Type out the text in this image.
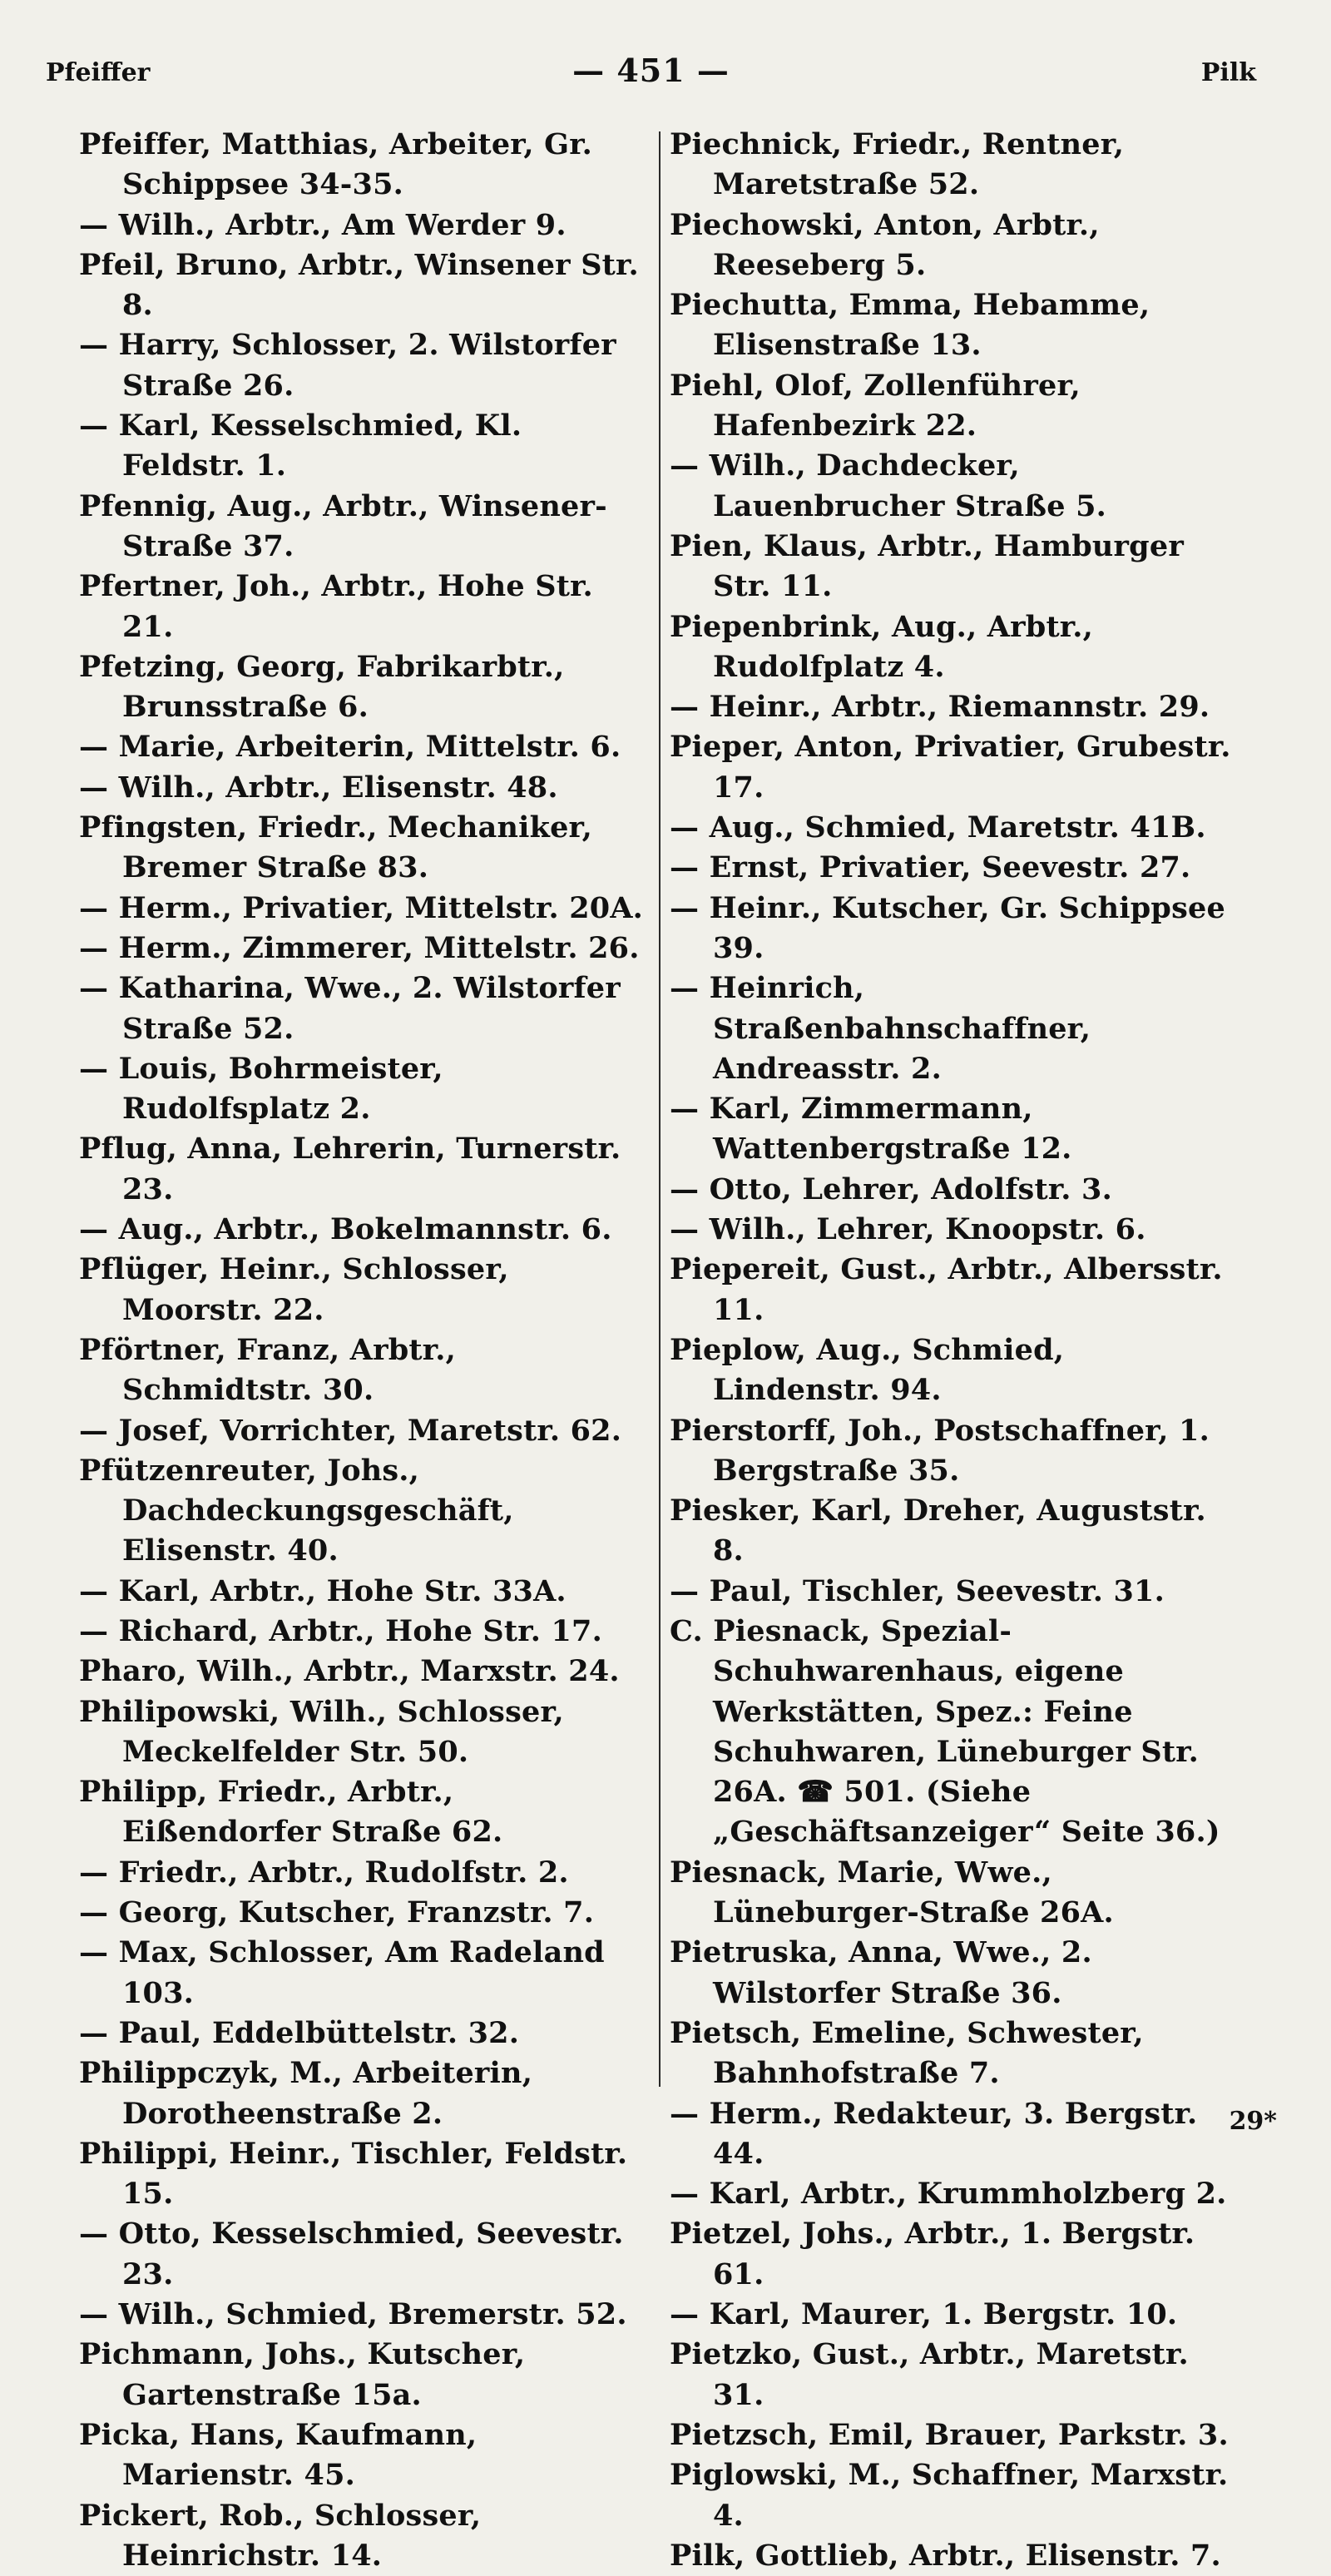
Pfeiffer	— 451 —	Pilk

Pfeiffer, Matthias, Arbeiter, Gr. Schippsee 34-35.

— Wilh., Arbtr., Am Werder 9.

Pfeil, Bruno, Arbtr., Winsener Str. 8.

— Harry, Schlosser, 2. Wilstorfer Straße 26.

— Karl, Kesselschmied, Kl. Feldstr. 1.

Pfennig, Aug., Arbtr., Winsener-Straße 37.

Pfertner, Joh., Arbtr., Hohe Str. 21.

Pfetzing, Georg, Fabrikarbtr., Brunsstraße 6.

— Marie, Arbeiterin, Mittelstr. 6.

— Wilh., Arbtr., Elisenstr. 48.

Pfingsten, Friedr., Mechaniker, Bremer Straße 83.

— Herm., Privatier, Mittelstr. 20A.

— Herm., Zimmerer, Mittelstr. 26.

— Katharina, Wwe., 2. Wilstorfer Straße 52.

— Louis, Bohrmeister, Rudolfsplatz 2.

Pflug, Anna, Lehrerin, Turnerstr. 23.

— Aug., Arbtr., Bokelmannstr. 6.

Pflüger, Heinr., Schlosser, Moorstr. 22.

Pförtner, Franz, Arbtr., Schmidtstr. 30.

— Josef, Vorrichter, Maretstr. 62.

Pfützenreuter, Johs., Dachdeckungsgeschäft, Elisenstr. 40.

— Karl, Arbtr., Hohe Str. 33A.

— Richard, Arbtr., Hohe Str. 17.

Pharo, Wilh., Arbtr., Marxstr. 24.

Philipowski, Wilh., Schlosser, Meckelfelder Str. 50.

Philipp, Friedr., Arbtr., Eißendorfer Straße 62.

— Friedr., Arbtr., Rudolfstr. 2.

— Georg, Kutscher, Franzstr. 7.

— Max, Schlosser, Am Radeland 103.

— Paul, Eddelbüttelstr. 32.

Philippczyk, M., Arbeiterin, Dorotheenstraße 2.

Philippi, Heinr., Tischler, Feldstr. 15.

— Otto, Kesselschmied, Seevestr. 23.

— Wilh., Schmied, Bremerstr. 52.

Pichmann, Johs., Kutscher, Gartenstraße 15a.

Picka, Hans, Kaufmann, Marienstr. 45.

Pickert, Rob., Schlosser, Heinrichstr. 14.

Piechnick, Friedr., Rentner, Maretstraße 52.

Piechowski, Anton, Arbtr., Reeseberg 5.

Piechutta, Emma, Hebamme, Elisenstraße 13.

Piehl, Olof, Zollenführer, Hafenbezirk 22.

— Wilh., Dachdecker, Lauenbrucher Straße 5.

Pien, Klaus, Arbtr., Hamburger Str. 11.

Piepenbrink, Aug., Arbtr., Rudolfplatz 4.

— Heinr., Arbtr., Riemannstr. 29.

Pieper, Anton, Privatier, Grubestr. 17.

— Aug., Schmied, Maretstr. 41B.

— Ernst, Privatier, Seevestr. 27.

— Heinr., Kutscher, Gr. Schippsee 39.

— Heinrich, Straßenbahnschaffner, Andreasstr. 2.

— Karl, Zimmermann, Wattenbergstraße 12.

— Otto, Lehrer, Adolfstr. 3.

— Wilh., Lehrer, Knoopstr. 6.

Piepereit, Gust., Arbtr., Albersstr. 11.

Pieplow, Aug., Schmied, Lindenstr. 94.

Pierstorff, Joh., Postschaffner, 1. Bergstraße 35.

Piesker, Karl, Dreher, Auguststr. 8.

— Paul, Tischler, Seevestr. 31.

C. Piesnack, Spezial-Schuhwarenhaus, eigene Werkstätten, Spez.: Feine Schuhwaren, Lüneburger Str. 26A. ☎ 501. (Siehe „Geschäftsanzeiger“ Seite 36.)

Piesnack, Marie, Wwe., Lüneburger-Straße 26A.

Pietruska, Anna, Wwe., 2. Wilstorfer Straße 36.

Pietsch, Emeline, Schwester, Bahnhofstraße 7.

— Herm., Redakteur, 3. Bergstr. 44.

— Karl, Arbtr., Krummholzberg 2.

Pietzel, Johs., Arbtr., 1. Bergstr. 61.

— Karl, Maurer, 1. Bergstr. 10.

Pietzko, Gust., Arbtr., Maretstr. 31.

Pietzsch, Emil, Brauer, Parkstr. 3.

Piglowski, M., Schaffner, Marxstr. 4.

Pilk, Gottlieb, Arbtr., Elisenstr. 7.

29*
